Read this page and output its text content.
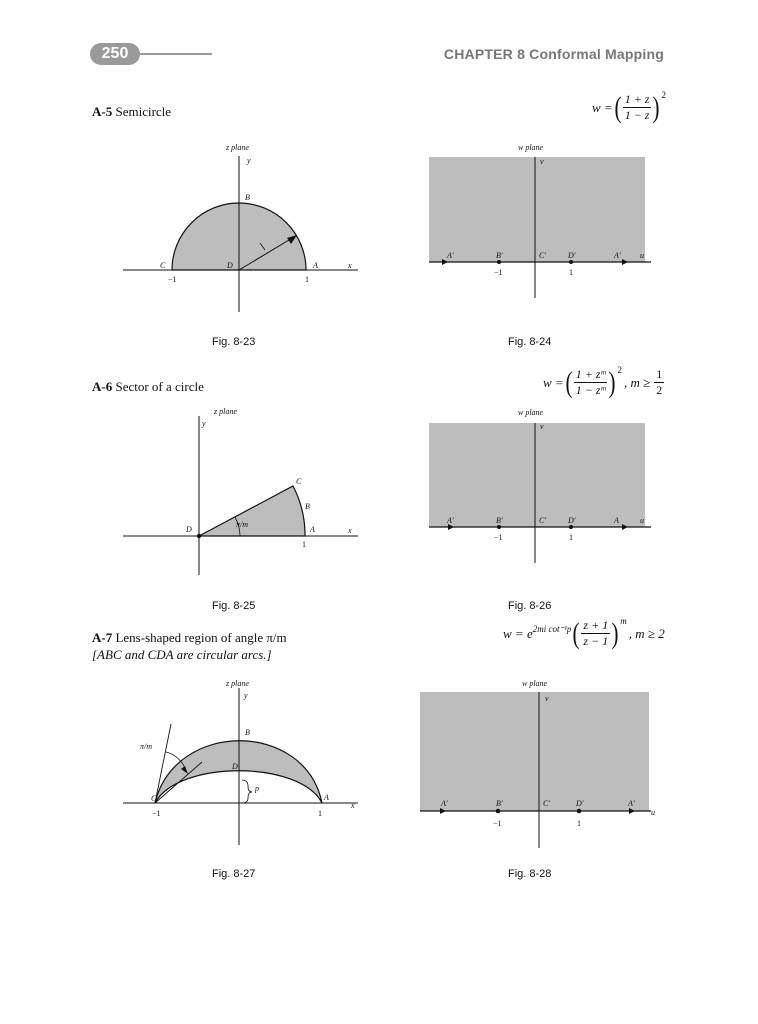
250	CHAPTER 8 Conformal Mapping
A-5 Semicircle	w = ( $\frac{1 + z}{1 - z}$ ) 2
z plane
y
B
C	D	A	x
−1	1
w plane
v
A′	B′	C′	D′	A′ u
−1	1
Fig. 8-23	Fig. 8-24
A-6 Sector of a circle	w = ( $\frac{\text{1 + zᵐ}}{\text{1 − zᵐ}}$ ) 2
, $m \ge \frac{1}{2}$
z plane
y
C
B
D
π/m
A	x
1
w plane
v
A′	B′	C′	D′	A	u
−1	1
Fig. 8-25	Fig. 8-26
A-7 Lens-shaped region of angle π/m
[ABC and CDA are circular arcs.]
w = e 2mi cot⁻¹p ( $\frac{z + 1}{z - 1}$ ) m
, m ≥ 2
z plane
y
B
D
π/m
p
C	A
x
−1	1
w plane
v
A′	B′	C′	D′	A′
u
−1	1
Fig. 8-27	Fig. 8-28
